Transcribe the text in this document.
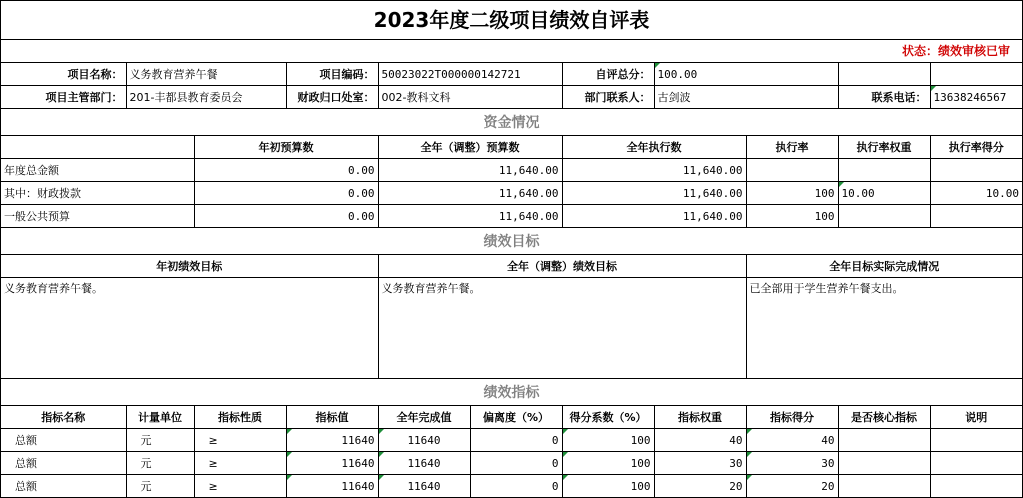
2023年度二级项目绩效自评表
状态：绩效审核已审
项目名称：	义务教育营养午餐		项目编码：	50023022T000000142721		自评总分：	100.00			
项目主管部门：	201-丰都县教育委员会		财政归口处室：	002-教科文科		部门联系人：	古剑波		联系电话：	13638246567
资金情况										
		年初预算数		全年（调整）预算数		全年执行数		执行率	执行率权重	执行率得分
年度总金额		0.00		11,640.00		11,640.00				
其中：财政拨款		0.00		11,640.00		11,640.00		100	10.00	10.00
一般公共预算		0.00		11,640.00		11,640.00		100		
绩效目标										
年初绩效目标				全年（调整）绩效目标				全年目标实际完成情况		
义务教育营养午餐。				义务教育营养午餐。				已全部用于学生营养午餐支出。		
绩效指标										
指标名称	计量单位	指标性质	指标值	全年完成值	偏离度（%）	得分系数（%）	指标权重	指标得分	是否核心指标	说明
总额	元	≥	11640	11640	0	100	40	40		
总额	元	≥	11640	11640	0	100	30	30		
总额	元	≥	11640	11640	0	100	20	20		
